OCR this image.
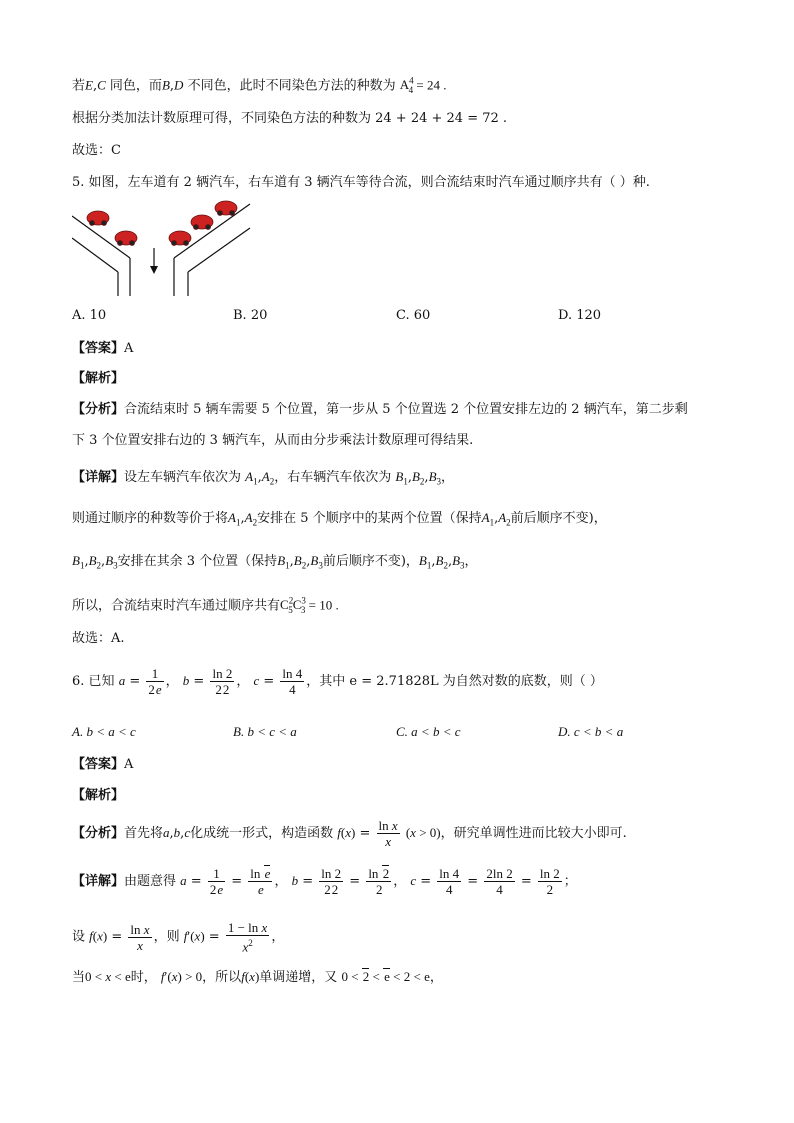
若E,C 同色，而B,D 不同色，此时不同染色方法的种数为 $A^4_4 = 24$ .
根据分类加法计数原理可得，不同染色方法的种数为 24 + 24 + 24 = 72 .
故选：C
5. 如图，左车道有 2 辆汽车，右车道有 3 辆汽车等待合流，则合流结束时汽车通过顺序共有（ ）种.
A. 10	B. 20	C. 60	D. 120
【答案】A
【解析】
【分析】合流结束时 5 辆车需要 5 个位置，第一步从 5 个位置选 2 个位置安排左边的 2 辆汽车，第二步剩
下 3 个位置安排右边的 3 辆汽车，从而由分步乘法计数原理可得结果.
【详解】设左车辆汽车依次为 $A_1,A_2$，右车辆汽车依次为 $B_1,B_2,B_3$，
则通过顺序的种数等价于将$A_1,A_2$安排在 5 个顺序中的某两个位置（保持$A_1,A_2$前后顺序不变)，
$B_1,B_2,B_3$安排在其余 3 个位置（保持$B_1,B_2,B_3$前后顺序不变)，$B_1,B_2,B_3$，
所以，合流结束时汽车通过顺序共有$C^2_5C^3_3 = 10$ .
故选：A.
6. 已知 $a = \frac{1}{2e}$ ， $b = \frac{\ln 2}{22}$ ， $c = \frac{\ln 4}{4}$ ，其中 e = 2.71828L 为自然对数的底数，则（ ）
A. b < a < c	B. b < c < a	C. a < b < c	D. c < b < a
【答案】A
【解析】
【分析】首先将a,b,c化成统一形式，构造函数 $f(x) = \frac{\text{ln x}}{x} (x > 0)$，研究单调性进而比较大小即可.
【详解】由题意得 $a = \frac{1}{2e} = \frac{\text{ln e}}{e}$ ， $b = \frac{\ln 2}{22} = \frac{\ln 2}{2}$ ， $c = \frac{\ln 4}{4} = \frac{2\ln 2}{4} = \frac{\ln 2}{2}$ ；
设 $f(x) = \frac{\text{ln x}}{x}$ ，则 $f'(x) = \frac{\text{1 − ln x}}{x^2}$ ，
当0 < x < e时， f′(x) > 0，所以f(x)单调递增，又 0 < 2 < e < 2 < e，
